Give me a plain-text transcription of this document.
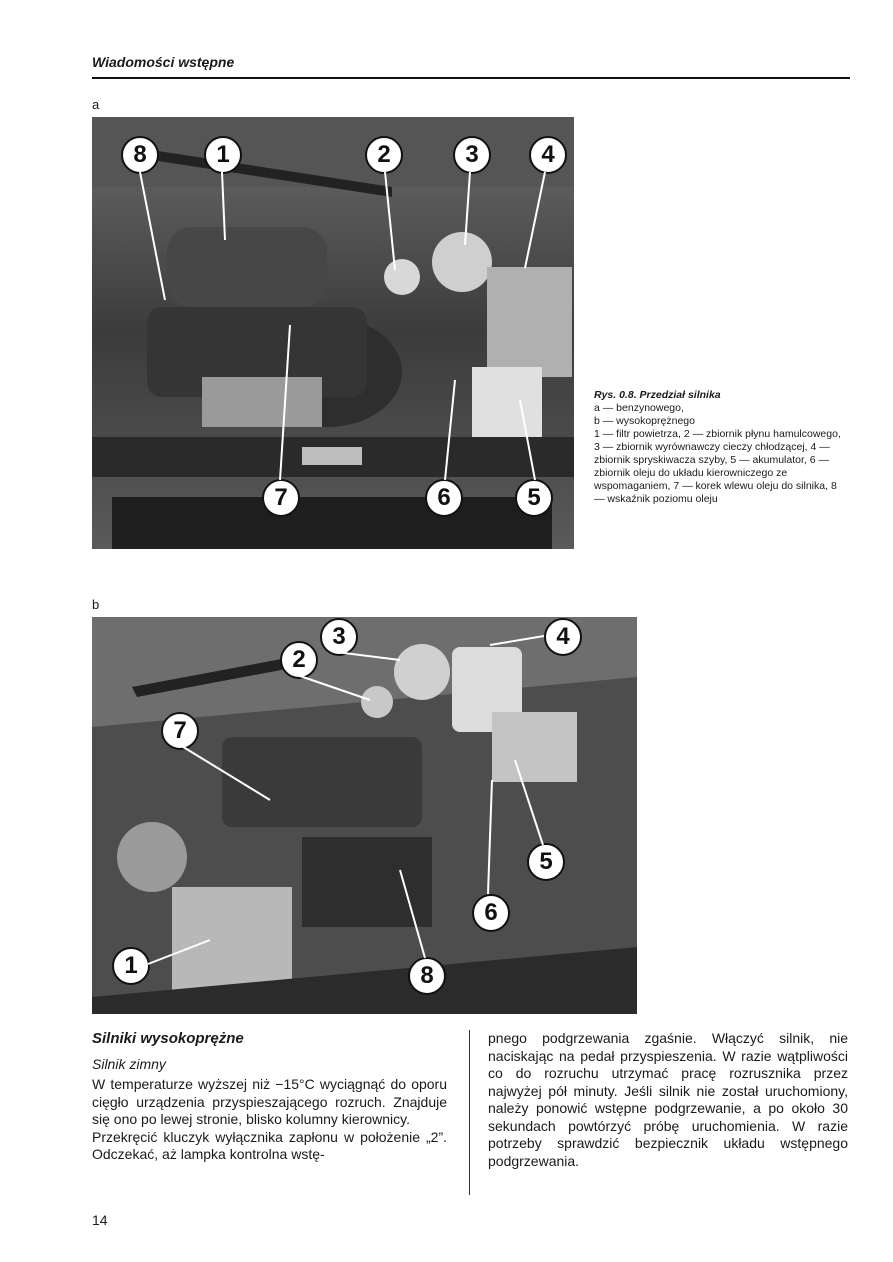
Wiadomości wstępne
a
8	1	2	3	4
7	6	5
Rys. 0.8. Przedział silnika
a — benzynowego,
b — wysokoprężnego
1 — filtr powietrza, 2 — zbiornik płynu hamulcowego, 3 — zbiornik wyrównawczy cieczy chłodzącej, 4 — zbiornik spryskiwacza szyby, 5 — akumulator, 6 — zbiornik oleju do układu kierowniczego ze wspomaganiem, 7 — korek wlewu oleju do silnika, 8 — wskaźnik poziomu oleju
b
3	4
2
7
5
6
1	8
Silniki wysokoprężne
Silnik zimny

W temperaturze wyższej niż −15°C wyciągnąć do oporu cięgło urządzenia przyspieszającego rozruch. Znajduje się ono po lewej stronie, blisko kolumny kierownicy.

Przekręcić kluczyk wyłącznika zapłonu w położenie „2”. Odczekać, aż lampka kontrolna wstę-

pnego podgrzewania zgaśnie. Włączyć silnik, nie naciskając na pedał przyspieszenia. W razie wątpliwości co do rozruchu utrzymać pracę rozrusznika przez najwyżej pół minuty. Jeśli silnik nie został uruchomiony, należy ponowić wstępne podgrzewanie, a po około 30 sekundach powtórzyć próbę uruchomienia. W razie potrzeby sprawdzić bezpiecznik układu wstępnego podgrzewania.

14
